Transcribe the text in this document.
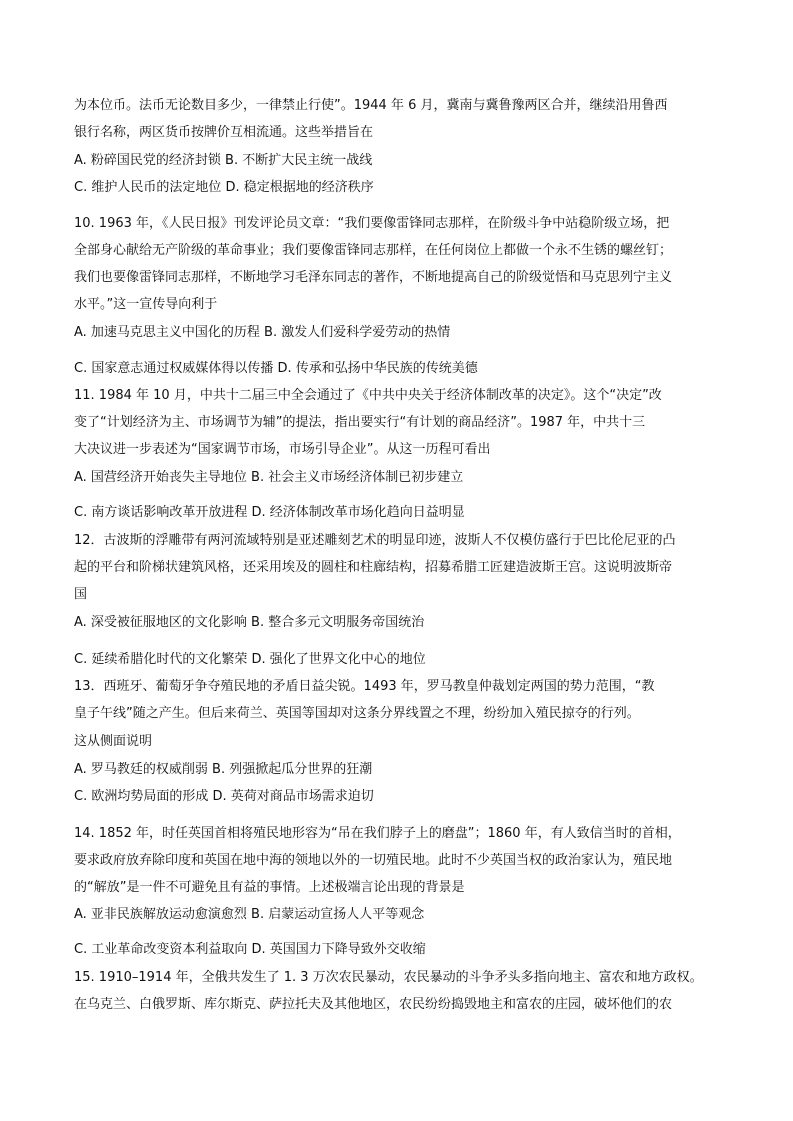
为本位币。法币无论数目多少，一律禁止行使”。1944 年 6 月，冀南与冀鲁豫两区合并，继续沿用鲁西
银行名称，两区货币按牌价互相流通。这些举措旨在
A. 粉碎国民党的经济封锁 B. 不断扩大民主统一战线
C. 维护人民币的法定地位 D. 稳定根据地的经济秩序
10. 1963 年，《人民日报》刊发评论员文章：“我们要像雷锋同志那样，在阶级斗争中站稳阶级立场，把
全部身心献给无产阶级的革命事业；我们要像雷锋同志那样，在任何岗位上都做一个永不生锈的螺丝钉；
我们也要像雷锋同志那样，不断地学习毛泽东同志的著作，不断地提高自己的阶级觉悟和马克思列宁主义
水平。”这一宣传导向利于
A. 加速马克思主义中国化的历程 B. 激发人们爱科学爱劳动的热情
C. 国家意志通过权威媒体得以传播 D. 传承和弘扬中华民族的传统美德
11. 1984 年 10 月，中共十二届三中全会通过了《中共中央关于经济体制改革的决定》。这个“决定”改
变了“计划经济为主、市场调节为辅”的提法，指出要实行“有计划的商品经济”。1987 年，中共十三
大决议进一步表述为“国家调节市场，市场引导企业”。从这一历程可看出
A. 国营经济开始丧失主导地位 B. 社会主义市场经济体制已初步建立
C. 南方谈话影响改革开放进程 D. 经济体制改革市场化趋向日益明显
12．古波斯的浮雕带有两河流域特别是亚述雕刻艺术的明显印迹，波斯人不仅模仿盛行于巴比伦尼亚的凸
起的平台和阶梯状建筑风格，还采用埃及的圆柱和柱廊结构，招募希腊工匠建造波斯王宫。这说明波斯帝
国
A. 深受被征服地区的文化影响 B. 整合多元文明服务帝国统治
C. 延续希腊化时代的文化繁荣 D. 强化了世界文化中心的地位
13．西班牙、葡萄牙争夺殖民地的矛盾日益尖锐。1493 年，罗马教皇仲裁划定两国的势力范围，“教
皇子午线”随之产生。但后来荷兰、英国等国却对这条分界线置之不理，纷纷加入殖民掠夺的行列。
这从侧面说明
A. 罗马教廷的权威削弱 B. 列强掀起瓜分世界的狂潮
C. 欧洲均势局面的形成 D. 英荷对商品市场需求迫切
14. 1852 年，时任英国首相将殖民地形容为“吊在我们脖子上的磨盘”；1860 年，有人致信当时的首相，
要求政府放弃除印度和英国在地中海的领地以外的一切殖民地。此时不少英国当权的政治家认为，殖民地
的“解放”是一件不可避免且有益的事情。上述极端言论出现的背景是
A. 亚非民族解放运动愈演愈烈 B. 启蒙运动宣扬人人平等观念
C. 工业革命改变资本利益取向 D. 英国国力下降导致外交收缩
15. 1910–1914 年，全俄共发生了 1. 3 万次农民暴动，农民暴动的斗争矛头多指向地主、富农和地方政权。
在乌克兰、白俄罗斯、库尔斯克、萨拉托夫及其他地区，农民纷纷捣毁地主和富农的庄园，破坏他们的农
